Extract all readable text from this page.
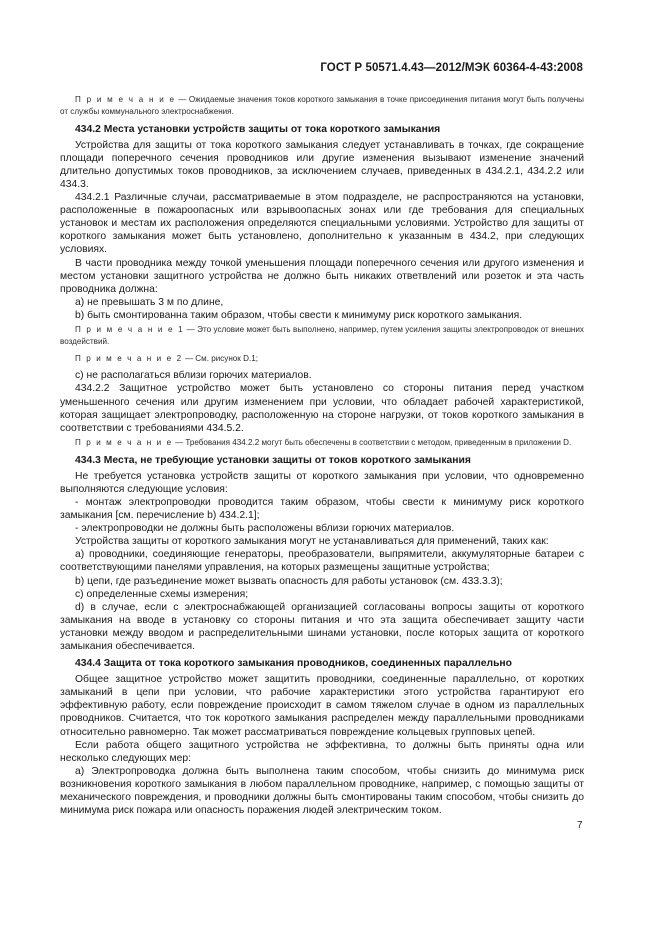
ГОСТ Р 50571.4.43—2012/МЭК 60364-4-43:2008

П р и м е ч а н и е — Ожидаемые значения токов короткого замыкания в точке присоединения питания могут быть получены от службы коммунального электроснабжения.

434.2 Места установки устройств защиты от тока короткого замыкания

Устройства для защиты от тока короткого замыкания следует устанавливать в точках, где сокращение площади поперечного сечения проводников или другие изменения вызывают изменение значений длительно допустимых токов проводников, за исключением случаев, приведенных в 434.2.1, 434.2.2 или 434.3.

434.2.1 Различные случаи, рассматриваемые в этом подразделе, не распространяются на установки, расположенные в пожароопасных или взрывоопасных зонах или где требования для специальных установок и местам их расположения определяются специальными условиями. Устройство для защиты от короткого замыкания может быть установлено, дополнительно к указанным в 434.2, при следующих условиях.

В части проводника между точкой уменьшения площади поперечного сечения или другого изменения и местом установки защитного устройства не должно быть никаких ответвлений или розеток и эта часть проводника должна:

а) не превышать 3 м по длине,

b) быть смонтированна таким образом, чтобы свести к минимуму риск короткого замыкания.

П р и м е ч а н и е 1 — Это условие может быть выполнено, например, путем усиления защиты электропроводок от внешних воздействий.

П р и м е ч а н и е 2 — См. рисунок D.1;

с) не располагаться вблизи горючих материалов.

434.2.2 Защитное устройство может быть установлено со стороны питания перед участком уменьшенного сечения или другим изменением при условии, что обладает рабочей характеристикой, которая защищает электропроводку, расположенную на стороне нагрузки, от токов короткого замыкания в соответствии с требованиями 434.5.2.

П р и м е ч а н и е — Требования 434.2.2 могут быть обеспечены в соответствии с методом, приведенным в приложении D.

434.3 Места, не требующие установки защиты от токов короткого замыкания

Не требуется установка устройств защиты от короткого замыкания при условии, что одновременно выполняются следующие условия:

- монтаж электропроводки проводится таким образом, чтобы свести к минимуму риск короткого замыкания [см. перечисление b) 434.2.1];

- электропроводки не должны быть расположены вблизи горючих материалов.

Устройства защиты от короткого замыкания могут не устанавливаться для применений, таких как:

а) проводники, соединяющие генераторы, преобразователи, выпрямители, аккумуляторные батареи с соответствующими панелями управления, на которых размещены защитные устройства;

b) цепи, где разъединение может вызвать опасность для работы установок (см. 433.3.3);

с) определенные схемы измерения;

d) в случае, если с электроснабжающей организацией согласованы вопросы защиты от короткого замыкания на вводе в установку со стороны питания и что эта защита обеспечивает защиту части установки между вводом и распределительными шинами установки, после которых защита от короткого замыкания обеспечивается.

434.4 Защита от тока короткого замыкания проводников, соединенных параллельно

Общее защитное устройство может защитить проводники, соединенные параллельно, от коротких замыканий в цепи при условии, что рабочие характеристики этого устройства гарантируют его эффективную работу, если повреждение происходит в самом тяжелом случае в одном из параллельных проводников. Считается, что ток короткого замыкания распределен между параллельными проводниками относительно равномерно. Так может рассматриваться повреждение кольцевых групповых цепей.

Если работа общего защитного устройства не эффективна, то должны быть приняты одна или несколько следующих мер:

а) Электропроводка должна быть выполнена таким способом, чтобы снизить до минимума риск возникновения короткого замыкания в любом параллельном проводнике, например, с помощью защиты от механического повреждения, и проводники должны быть смонтированы таким способом, чтобы снизить до минимума риск пожара или опасность поражения людей электрическим током.

7
